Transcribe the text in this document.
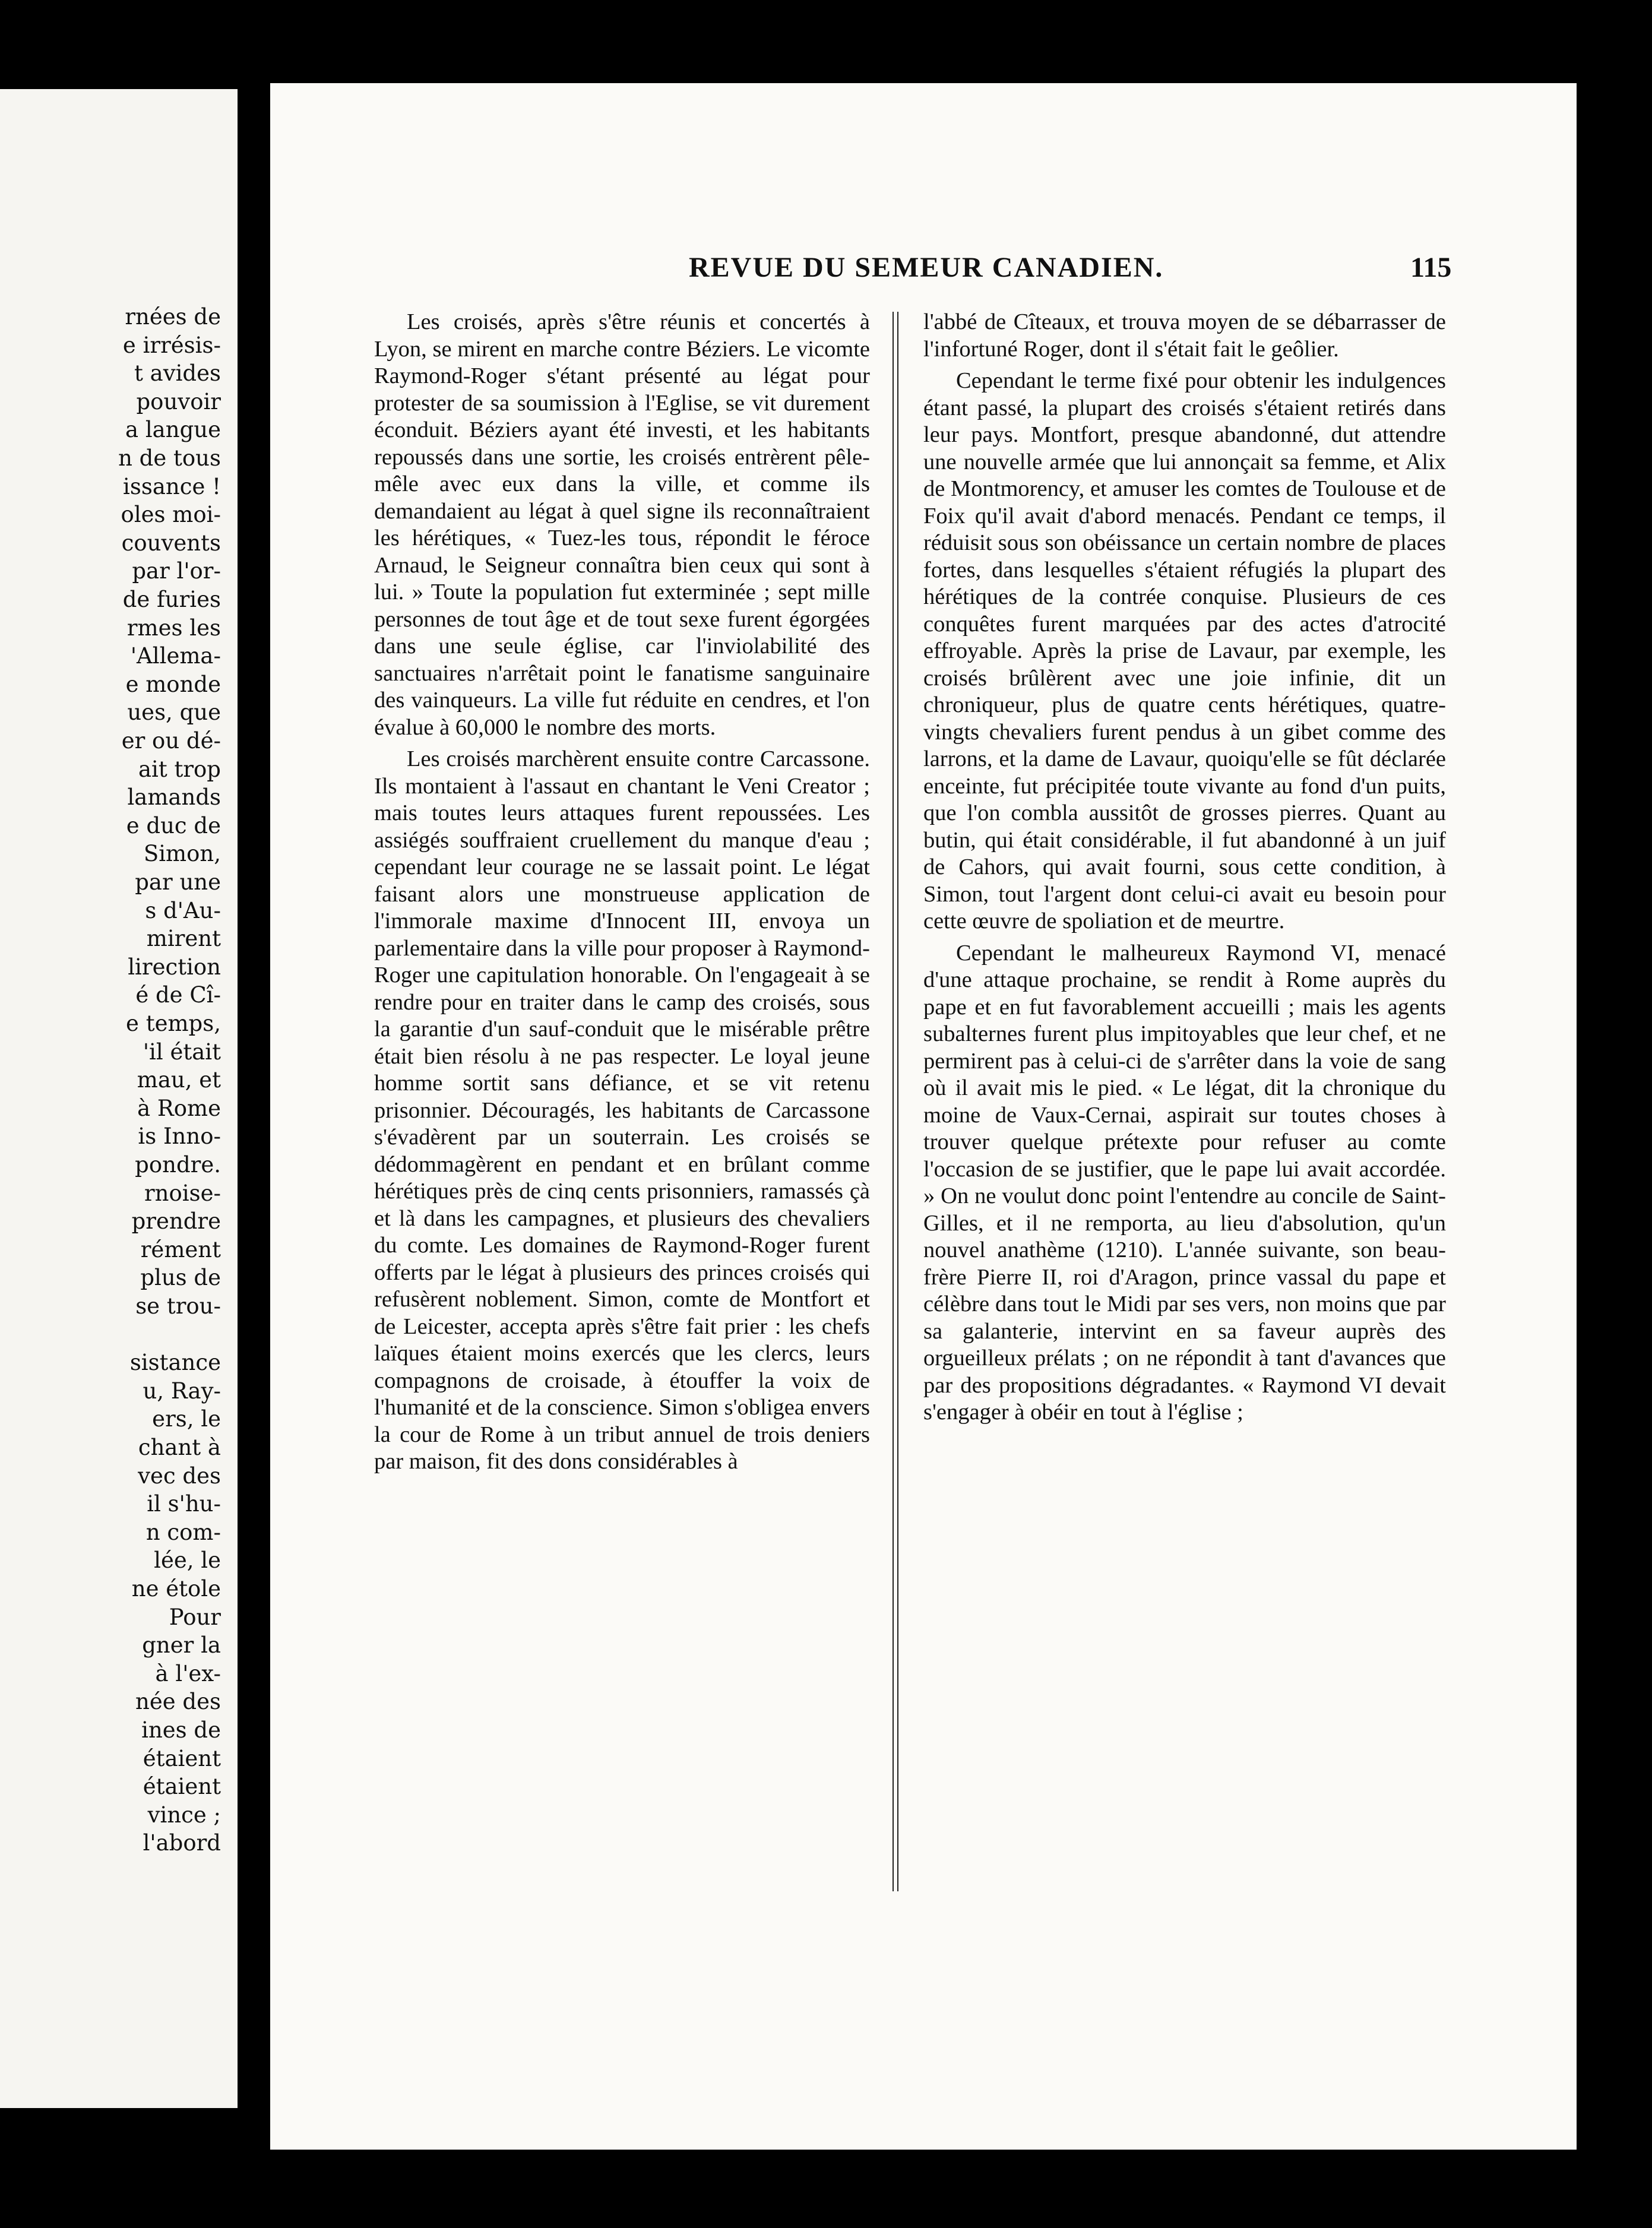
rnées de
e irrésis-
t avides
pouvoir
a langue
n de tous
issance !
oles moi-
couvents
par l'or-
de furies
rmes les
'Allema-
e monde
ues, que
er ou dé-
ait trop
lamands
e duc de
Simon,
par une
s d'Au-
mirent
lirection
é de Cî-
e temps,
'il était
mau, et
à Rome
is Inno-
pondre.
rnoise-
prendre
rément
plus de
se trou-
sistance
u, Ray-
ers, le
chant à
vec des
il s'hu-
n com-
lée, le
ne étole
Pour
gner la
à l'ex-
née des
ines de
étaient
étaient
vince ;
l'abord
REVUE DU SEMEUR CANADIEN.	115

Les croisés, après s'être réunis et concertés à Lyon, se mirent en marche contre Béziers. Le vicomte Raymond-Roger s'étant présenté au légat pour protester de sa soumission à l'Eglise, se vit durement éconduit. Béziers ayant été investi, et les habitants repoussés dans une sortie, les croisés entrèrent pêle-mêle avec eux dans la ville, et comme ils demandaient au légat à quel signe ils reconnaîtraient les hérétiques, « Tuez-les tous, répondit le féroce Arnaud, le Seigneur connaîtra bien ceux qui sont à lui. » Toute la population fut exterminée ; sept mille personnes de tout âge et de tout sexe furent égorgées dans une seule église, car l'inviolabilité des sanctuaires n'arrêtait point le fanatisme sanguinaire des vainqueurs. La ville fut réduite en cendres, et l'on évalue à 60,000 le nombre des morts.

Les croisés marchèrent ensuite contre Carcassone. Ils montaient à l'assaut en chantant le Veni Creator ; mais toutes leurs attaques furent repoussées. Les assiégés souffraient cruellement du manque d'eau ; cependant leur courage ne se lassait point. Le légat faisant alors une monstrueuse application de l'immorale maxime d'Innocent III, envoya un parlementaire dans la ville pour proposer à Raymond-Roger une capitulation honorable. On l'engageait à se rendre pour en traiter dans le camp des croisés, sous la garantie d'un sauf-conduit que le misérable prêtre était bien résolu à ne pas respecter. Le loyal jeune homme sortit sans défiance, et se vit retenu prisonnier. Découragés, les habitants de Carcassone s'évadèrent par un souterrain. Les croisés se dédommagèrent en pendant et en brûlant comme hérétiques près de cinq cents prisonniers, ramassés çà et là dans les campagnes, et plusieurs des chevaliers du comte. Les domaines de Raymond-Roger furent offerts par le légat à plusieurs des princes croisés qui refusèrent noblement. Simon, comte de Montfort et de Leicester, accepta après s'être fait prier : les chefs laïques étaient moins exercés que les clercs, leurs compagnons de croisade, à étouffer la voix de l'humanité et de la conscience. Simon s'obligea envers la cour de Rome à un tribut annuel de trois deniers par maison, fit des dons considérables à

l'abbé de Cîteaux, et trouva moyen de se débarrasser de l'infortuné Roger, dont il s'était fait le geôlier.

Cependant le terme fixé pour obtenir les indulgences étant passé, la plupart des croisés s'étaient retirés dans leur pays. Montfort, presque abandonné, dut attendre une nouvelle armée que lui annonçait sa femme, et Alix de Montmorency, et amuser les comtes de Toulouse et de Foix qu'il avait d'abord menacés. Pendant ce temps, il réduisit sous son obéissance un certain nombre de places fortes, dans lesquelles s'étaient réfugiés la plupart des hérétiques de la contrée conquise. Plusieurs de ces conquêtes furent marquées par des actes d'atrocité effroyable. Après la prise de Lavaur, par exemple, les croisés brûlèrent avec une joie infinie, dit un chroniqueur, plus de quatre cents hérétiques, quatre-vingts chevaliers furent pendus à un gibet comme des larrons, et la dame de Lavaur, quoiqu'elle se fût déclarée enceinte, fut précipitée toute vivante au fond d'un puits, que l'on combla aussitôt de grosses pierres. Quant au butin, qui était considérable, il fut abandonné à un juif de Cahors, qui avait fourni, sous cette condition, à Simon, tout l'argent dont celui-ci avait eu besoin pour cette œuvre de spoliation et de meurtre.

Cependant le malheureux Raymond VI, menacé d'une attaque prochaine, se rendit à Rome auprès du pape et en fut favorablement accueilli ; mais les agents subalternes furent plus impitoyables que leur chef, et ne permirent pas à celui-ci de s'arrêter dans la voie de sang où il avait mis le pied. « Le légat, dit la chronique du moine de Vaux-Cernai, aspirait sur toutes choses à trouver quelque prétexte pour refuser au comte l'occasion de se justifier, que le pape lui avait accordée. » On ne voulut donc point l'entendre au concile de Saint-Gilles, et il ne remporta, au lieu d'absolution, qu'un nouvel anathème (1210). L'année suivante, son beau-frère Pierre II, roi d'Aragon, prince vassal du pape et célèbre dans tout le Midi par ses vers, non moins que par sa galanterie, intervint en sa faveur auprès des orgueilleux prélats ; on ne répondit à tant d'avances que par des propositions dégradantes. « Raymond VI devait s'engager à obéir en tout à l'église ;
